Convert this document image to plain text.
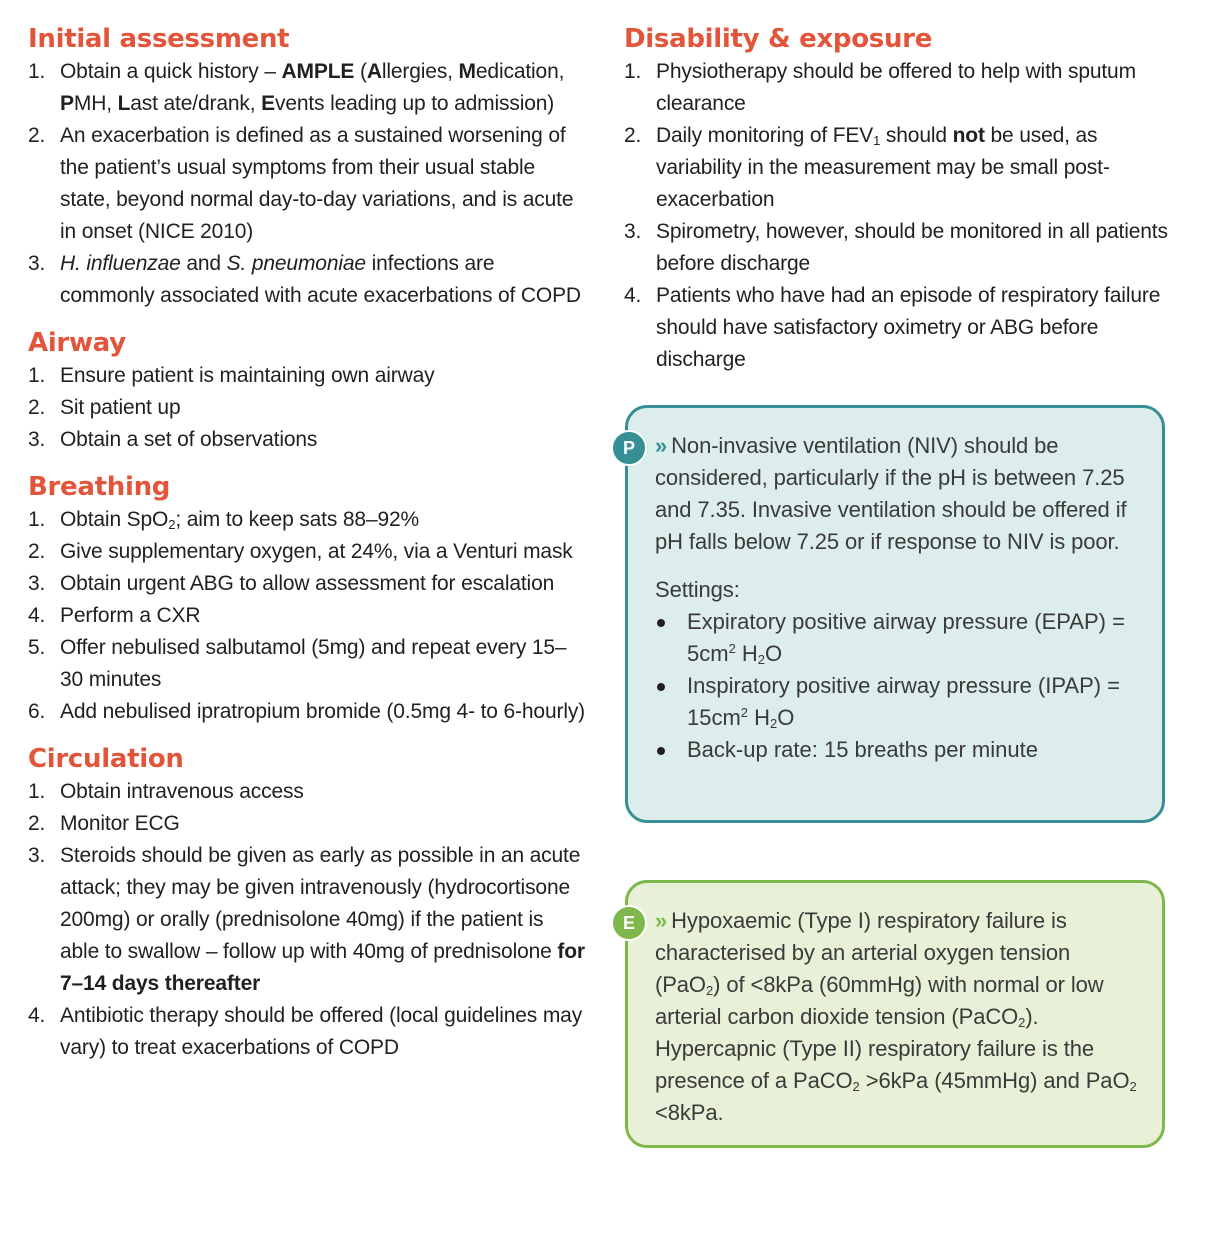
Initial assessment
1. Obtain a quick history – AMPLE (Allergies, Medication, PMH, Last ate/drank, Events leading up to admission)
2. An exacerbation is defined as a sustained worsening of the patient’s usual symptoms from their usual stable state, beyond normal day-to-day variations, and is acute in onset (NICE 2010)
3. H. influenzae and S. pneumoniae infections are commonly associated with acute exacerbations of COPD
Airway
1. Ensure patient is maintaining own airway
2. Sit patient up
3. Obtain a set of observations
Breathing
1. Obtain SpO$_2$; aim to keep sats 88–92%
2. Give supplementary oxygen, at 24%, via a Venturi mask
3. Obtain urgent ABG to allow assessment for escalation
4. Perform a CXR
5. Offer nebulised salbutamol (5mg) and repeat every 15–30 minutes
6. Add nebulised ipratropium bromide (0.5mg 4- to 6-hourly)
Circulation
1. Obtain intravenous access
2. Monitor ECG
3. Steroids should be given as early as possible in an acute attack; they may be given intravenously (hydrocortisone 200mg) or orally (prednisolone 40mg) if the patient is able to swallow – follow up with 40mg of prednisolone for 7–14 days thereafter
4. Antibiotic therapy should be offered (local guidelines may vary) to treat exacerbations of COPD
Disability & exposure
1. Physiotherapy should be offered to help with sputum clearance
2. Daily monitoring of $FEV_1$ should not be used, as variability in the measurement may be small post-exacerbation
3. Spirometry, however, should be monitored in all patients before discharge
4. Patients who have had an episode of respiratory failure should have satisfactory oximetry or ABG before discharge
P » Non-invasive ventilation (NIV) should be considered, particularly if the pH is between 7.25 and 7.35. Invasive ventilation should be offered if pH falls below 7.25 or if response to NIV is poor.

Settings:

Expiratory positive airway pressure (EPAP) = $5cm^2$ $H_2O$
Inspiratory positive airway pressure (IPAP) = $15cm^2$ $H_2O$
Back-up rate: 15 breaths per minute
E » Hypoxaemic (Type I) respiratory failure is characterised by an arterial oxygen tension (PaO$_2$) of <8kPa (60mmHg) with normal or low arterial carbon dioxide tension (PaCO$_2$). Hypercapnic (Type II) respiratory failure is the presence of a PaCO$_2$ >6kPa (45mmHg) and PaO$_2$ <8kPa.
